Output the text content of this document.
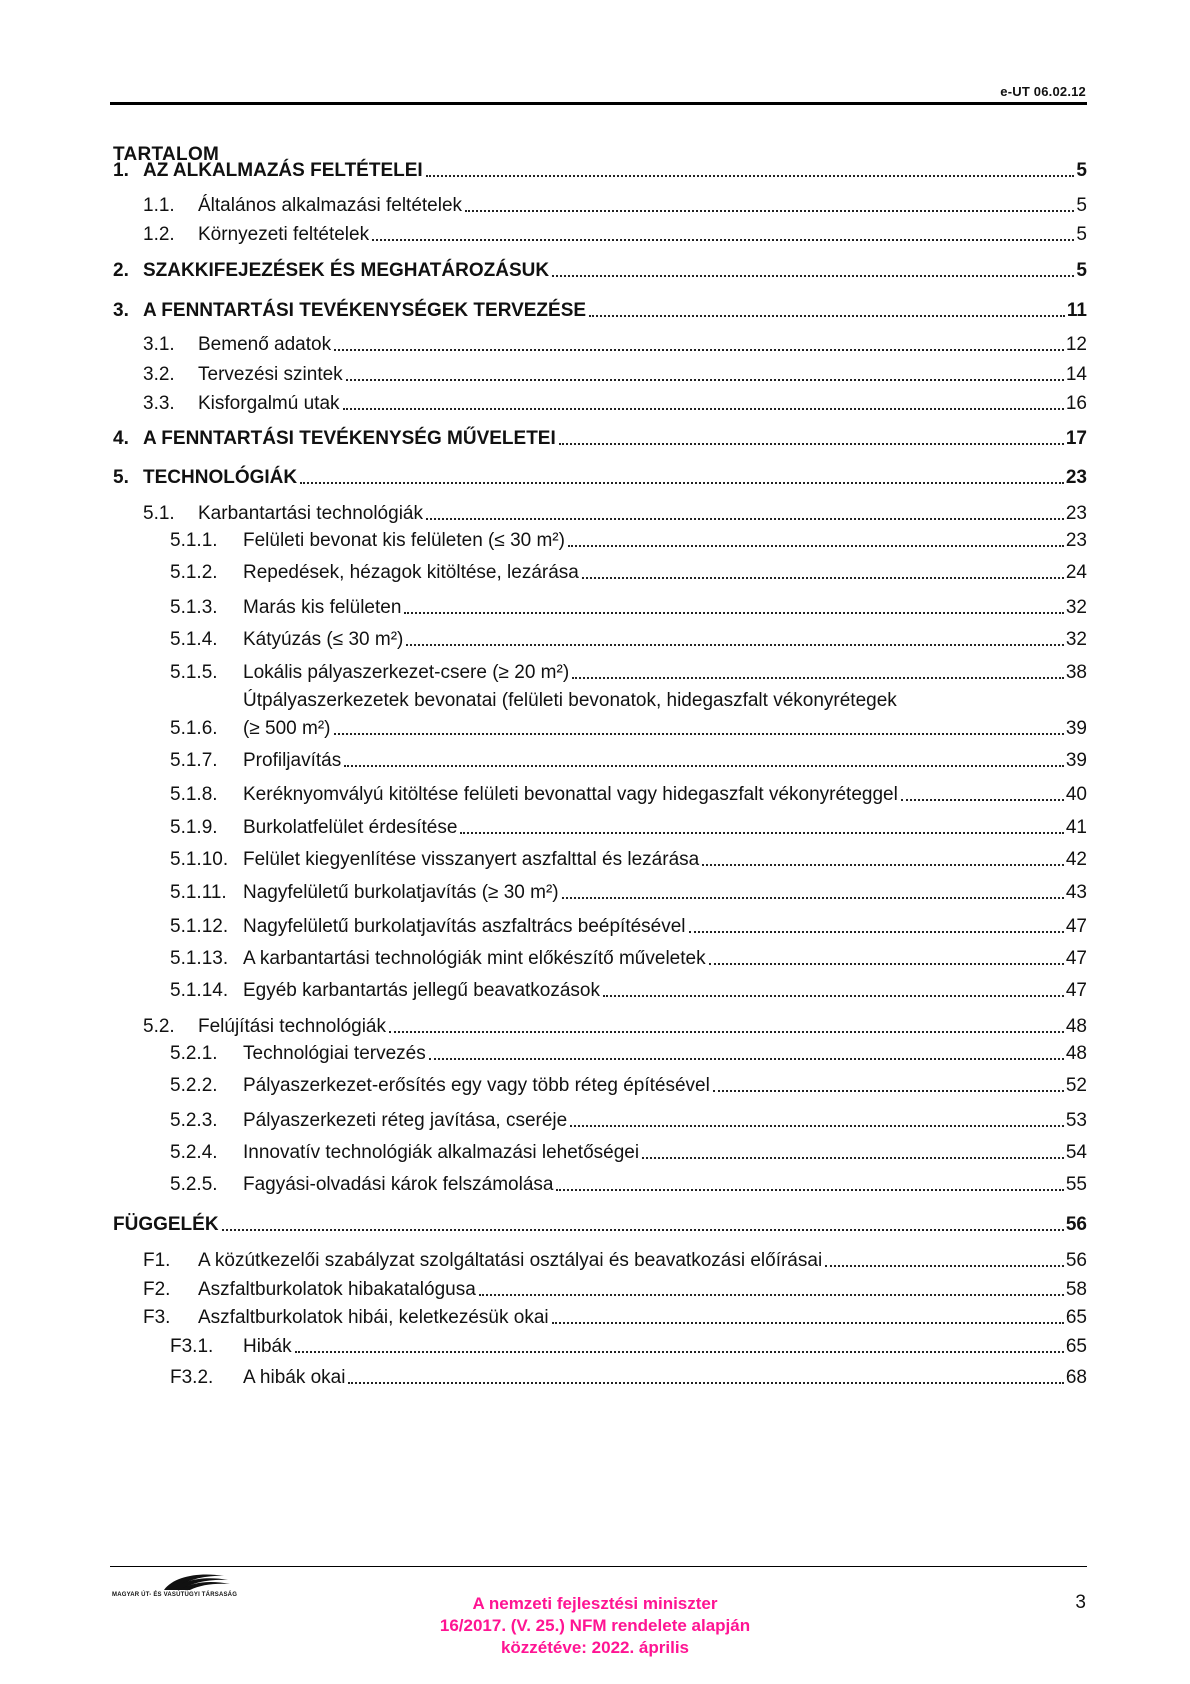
e-UT 06.02.12
TARTALOM
1. AZ ALKALMAZÁS FELTÉTELEI	5
1.1. Általános alkalmazási feltételek	5
1.2. Környezeti feltételek	5
2. SZAKKIFEJEZÉSEK ÉS MEGHATÁROZÁSUK	5
3. A FENNTARTÁSI TEVÉKENYSÉGEK TERVEZÉSE	11
3.1. Bemenő adatok	12
3.2. Tervezési szintek	14
3.3. Kisforgalmú utak	16
4. A FENNTARTÁSI TEVÉKENYSÉG MŰVELETEI	17
5. TECHNOLÓGIÁK	23
5.1. Karbantartási technológiák	23
5.1.1. Felületi bevonat kis felületen (≤ 30 m²)	23
5.1.2. Repedések, hézagok kitöltése, lezárása	24
5.1.3. Marás kis felületen	32
5.1.4. Kátyúzás (≤ 30 m²)	32
5.1.5. Lokális pályaszerkezet-csere (≥ 20 m²)	38
Útpályaszerkezetek bevonatai (felületi bevonatok, hidegaszfalt vékonyrétegek
5.1.6. (≥ 500 m²)	39
5.1.7. Profiljavítás	39
5.1.8. Keréknyomvályú kitöltése felületi bevonattal vagy hidegaszfalt vékonyréteggel	40
5.1.9. Burkolatfelület érdesítése	41
5.1.10. Felület kiegyenlítése visszanyert aszfalttal és lezárása	42
5.1.11. Nagyfelületű burkolatjavítás (≥ 30 m²)	43
5.1.12. Nagyfelületű burkolatjavítás aszfaltrács beépítésével	47
5.1.13. A karbantartási technológiák mint előkészítő műveletek	47
5.1.14. Egyéb karbantartás jellegű beavatkozások	47
5.2. Felújítási technológiák	48
5.2.1. Technológiai tervezés	48
5.2.2. Pályaszerkezet-erősítés egy vagy több réteg építésével	52
5.2.3. Pályaszerkezeti réteg javítása, cseréje	53
5.2.4. Innovatív technológiák alkalmazási lehetőségei	54
5.2.5. Fagyási-olvadási károk felszámolása	55
FÜGGELÉK	56
F1. A közútkezelői szabályzat szolgáltatási osztályai és beavatkozási előírásai	56
F2. Aszfaltburkolatok hibakatalógusa	58
F3. Aszfaltburkolatok hibái, keletkezésük okai	65
F3.1. Hibák	65
F3.2. A hibák okai	68
MAGYAR ÚT- ÉS VASÚTÜGYI TÁRSASÁG	3
A nemzeti fejlesztési miniszter
16/2017. (V. 25.) NFM rendelete alapján
közzétéve: 2022. április
